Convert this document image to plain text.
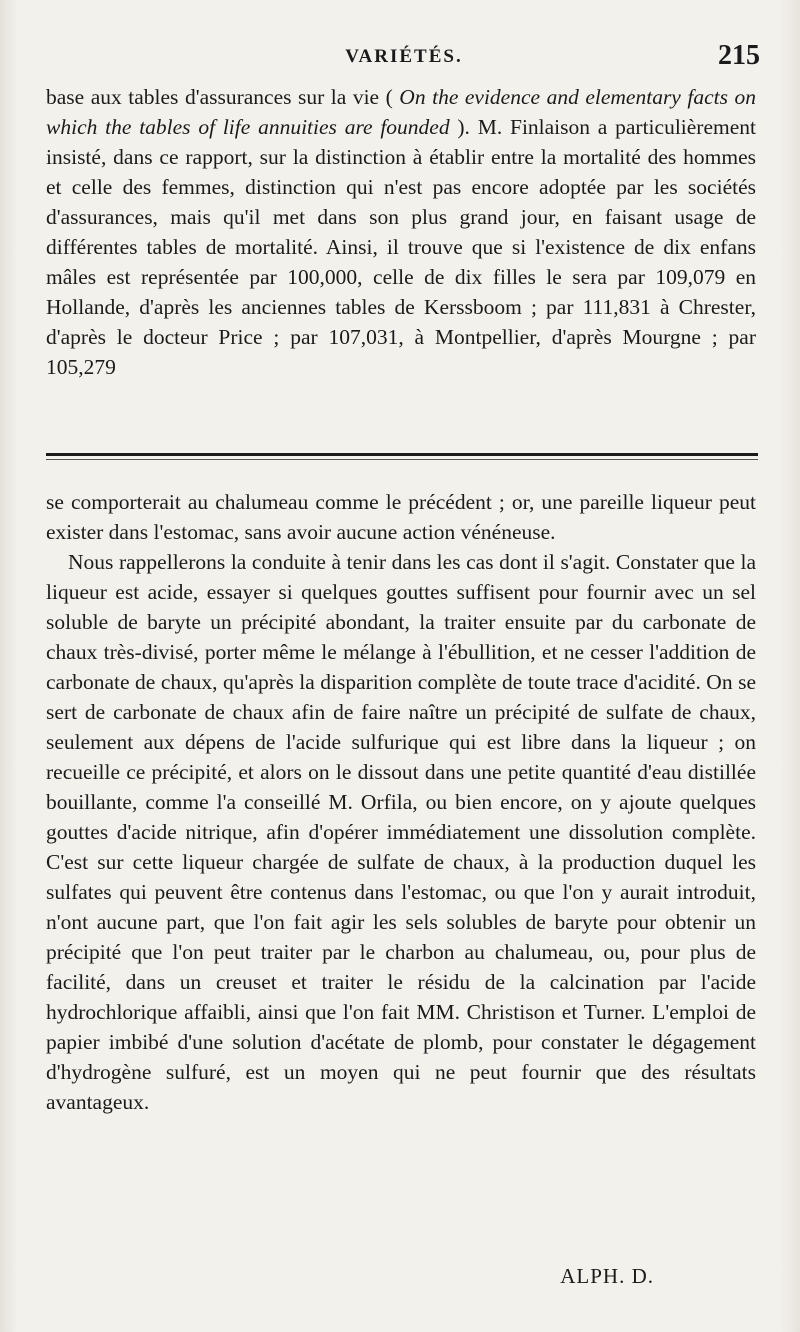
VARIÉTÉS.	215

base aux tables d'assurances sur la vie ( On the evidence and elementary facts on which the tables of life annuities are founded ). M. Finlaison a particulièrement insisté, dans ce rapport, sur la distinction à établir entre la mortalité des hommes et celle des femmes, distinction qui n'est pas encore adoptée par les sociétés d'assurances, mais qu'il met dans son plus grand jour, en faisant usage de différentes tables de mortalité. Ainsi, il trouve que si l'existence de dix enfans mâles est représentée par 100,000, celle de dix filles le sera par 109,079 en Hollande, d'après les anciennes tables de Kerssboom ; par 111,831 à Chrester, d'après le docteur Price ; par 107,031, à Montpellier, d'après Mourgne ; par 105,279

se comporterait au chalumeau comme le précédent ; or, une pareille liqueur peut exister dans l'estomac, sans avoir aucune action vénéneuse.

Nous rappellerons la conduite à tenir dans les cas dont il s'agit. Constater que la liqueur est acide, essayer si quelques gouttes suffisent pour fournir avec un sel soluble de baryte un précipité abondant, la traiter ensuite par du carbonate de chaux très-divisé, porter même le mélange à l'ébullition, et ne cesser l'addition de carbonate de chaux, qu'après la disparition complète de toute trace d'acidité. On se sert de carbonate de chaux afin de faire naître un précipité de sulfate de chaux, seulement aux dépens de l'acide sulfurique qui est libre dans la liqueur ; on recueille ce précipité, et alors on le dissout dans une petite quantité d'eau distillée bouillante, comme l'a conseillé M. Orfila, ou bien encore, on y ajoute quelques gouttes d'acide nitrique, afin d'opérer immédiatement une dissolution complète. C'est sur cette liqueur chargée de sulfate de chaux, à la production duquel les sulfates qui peuvent être contenus dans l'estomac, ou que l'on y aurait introduit, n'ont aucune part, que l'on fait agir les sels solubles de baryte pour obtenir un précipité que l'on peut traiter par le charbon au chalumeau, ou, pour plus de facilité, dans un creuset et traiter le résidu de la calcination par l'acide hydrochlorique affaibli, ainsi que l'on fait MM. Christison et Turner. L'emploi de papier imbibé d'une solution d'acétate de plomb, pour constater le dégagement d'hydrogène sulfuré, est un moyen qui ne peut fournir que des résultats avantageux.

ALPH. D.
